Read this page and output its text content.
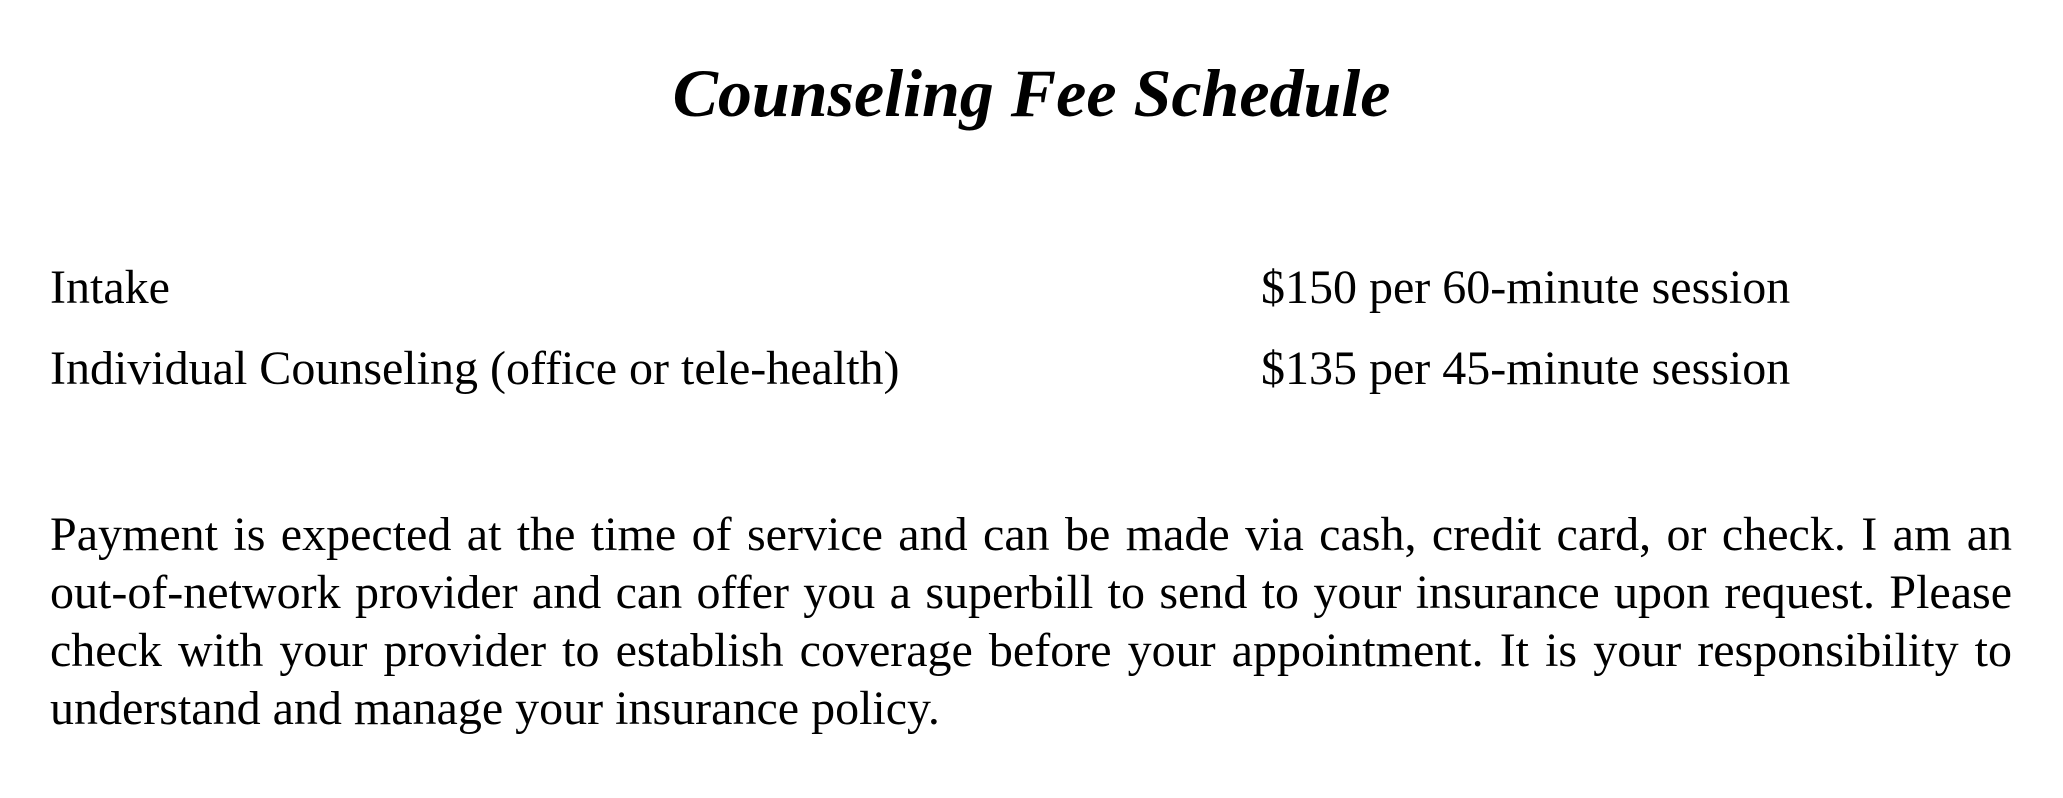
Counseling Fee Schedule
Intake	$150 per 60-minute session
Individual Counseling (office or tele-health)	$135 per 45-minute session

Payment is expected at the time of service and can be made via cash, credit card, or check. I am an out-of-network provider and can offer you a superbill to send to your insurance upon request. Please check with your provider to establish coverage before your appointment. It is your responsibility to understand and manage your insurance policy.
